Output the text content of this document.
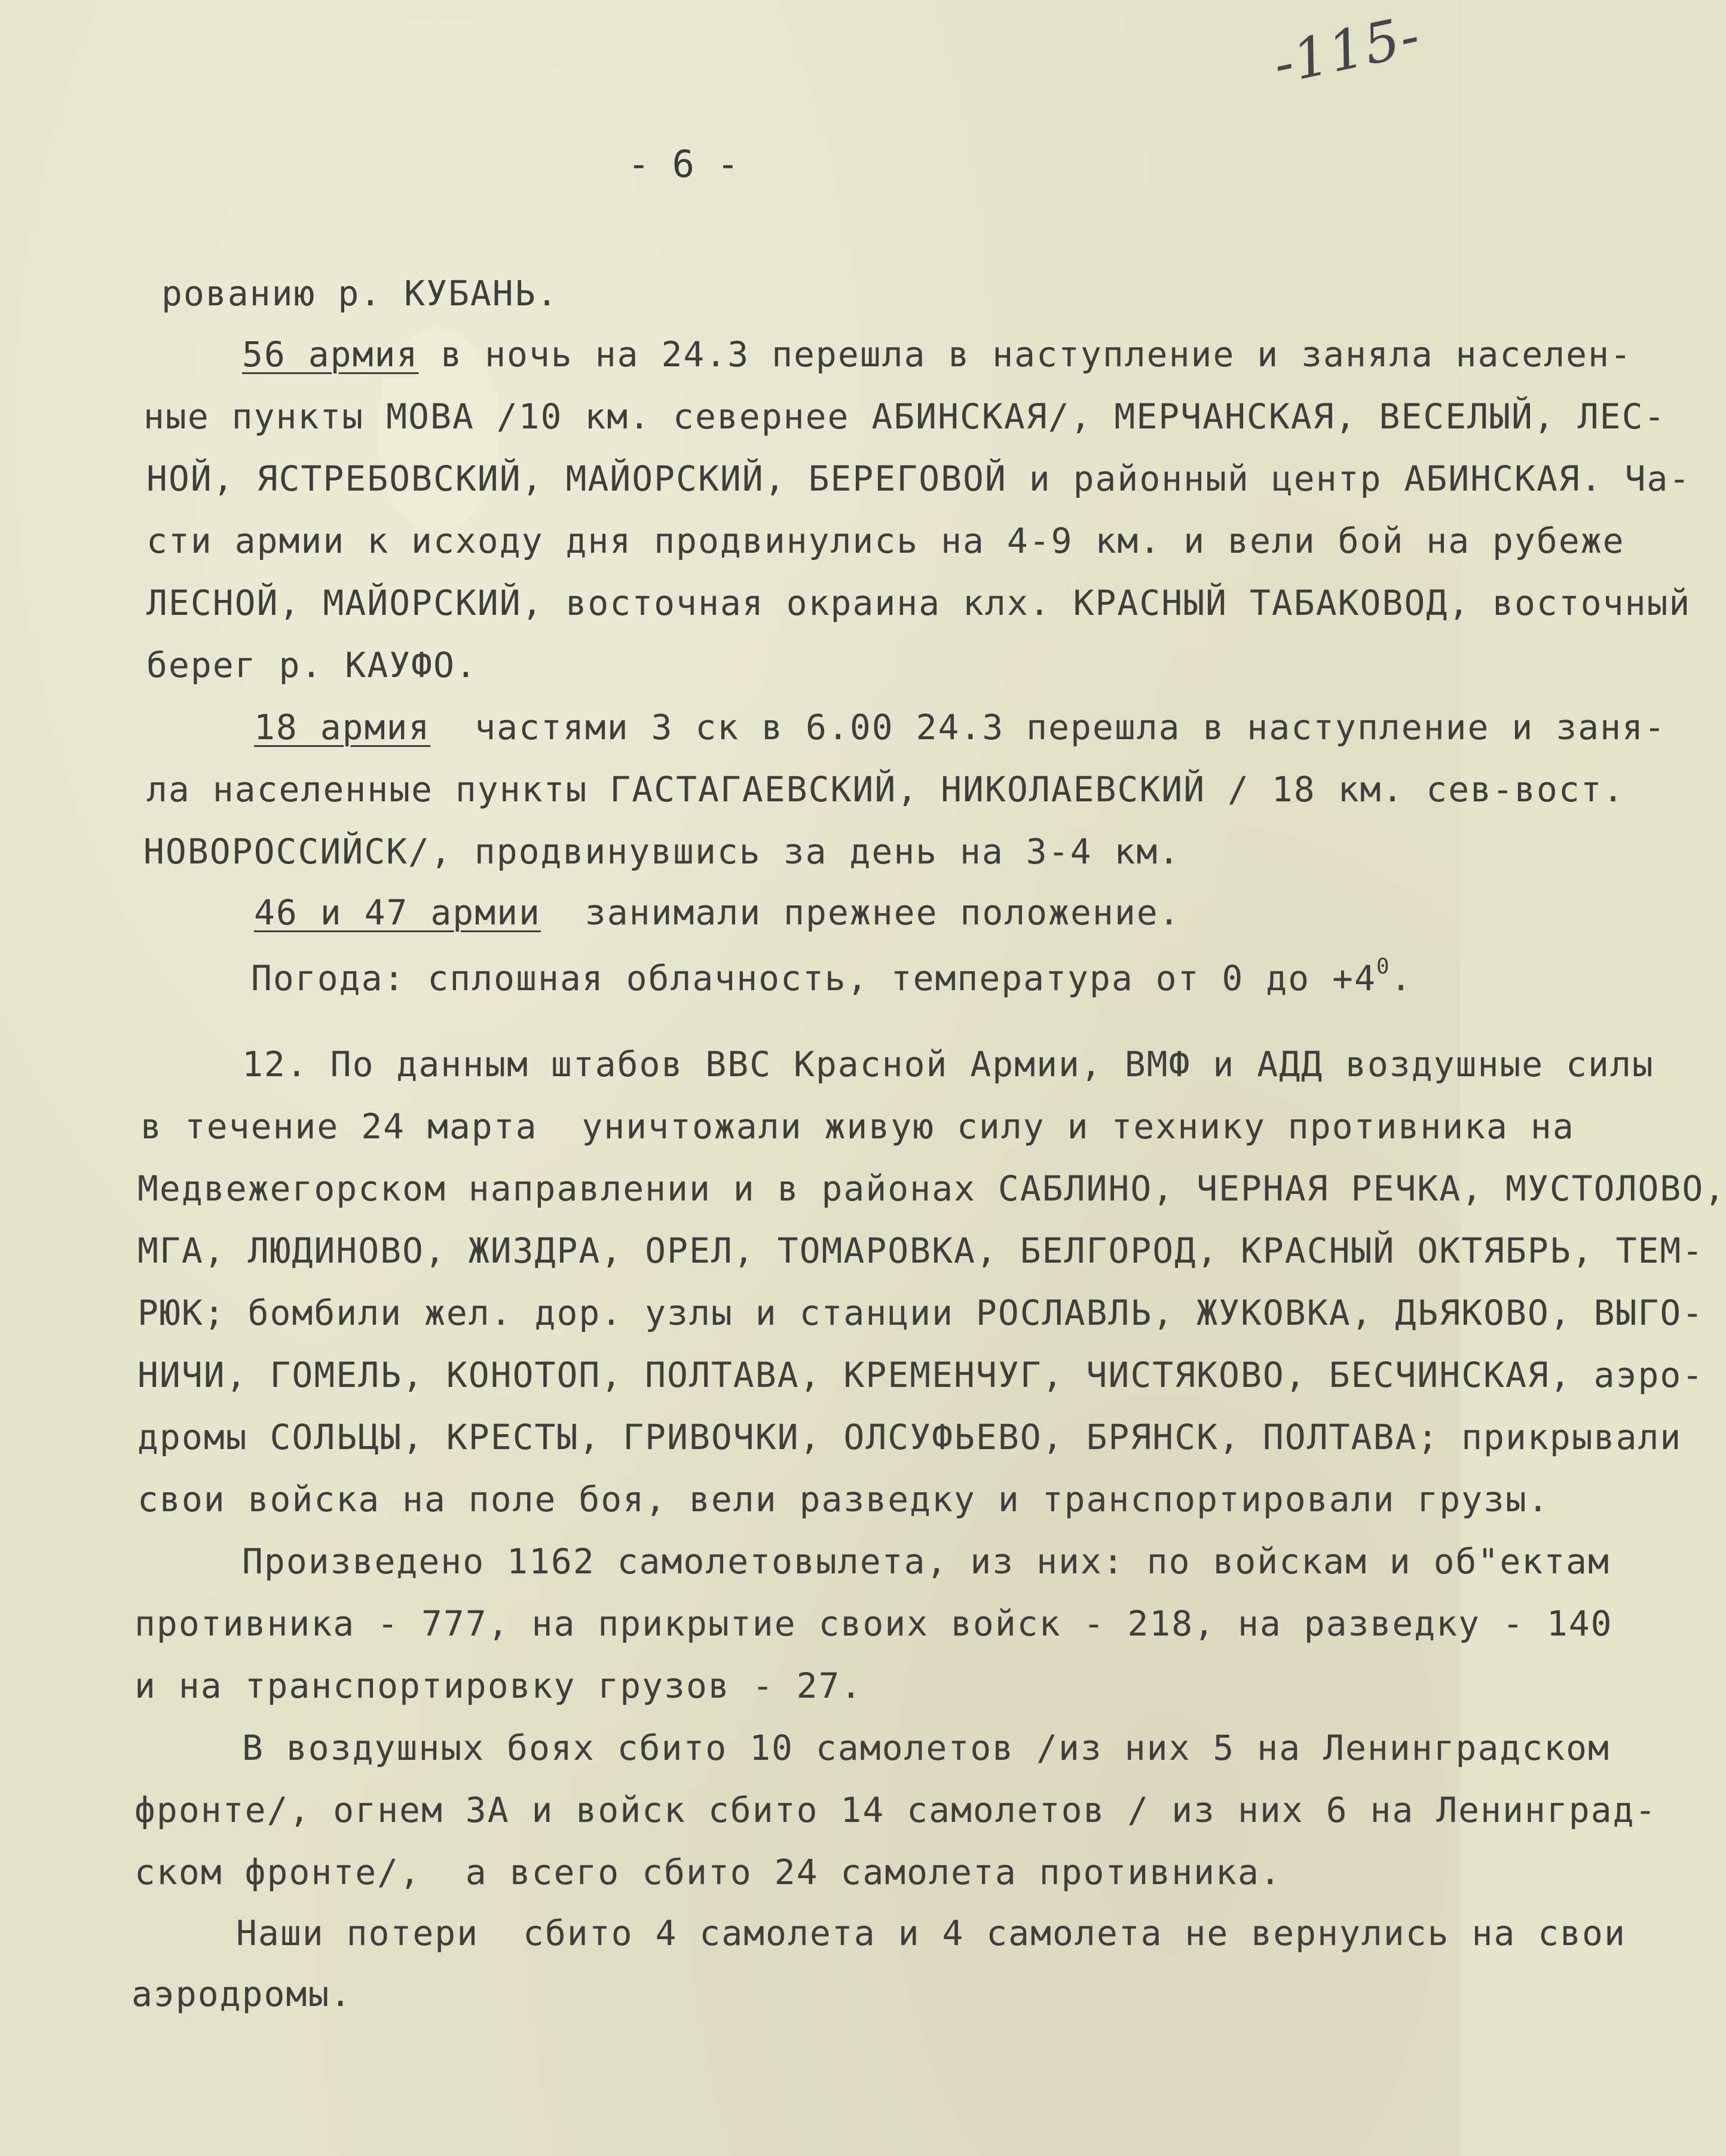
-115-
- 6 -
рованию р. КУБАНЬ.
56 армия в ночь на 24.3 перешла в наступление и заняла населен-
ные пункты МОВА /10 км. севернее АБИНСКАЯ/, МЕРЧАНСКАЯ, ВЕСЕЛЫЙ, ЛЕС-
НОЙ, ЯСТРЕБОВСКИЙ, МАЙОРСКИЙ, БЕРЕГОВОЙ и районный центр АБИНСКАЯ. Ча-
сти армии к исходу дня продвинулись на 4-9 км. и вели бой на рубеже
ЛЕСНОЙ, МАЙОРСКИЙ, восточная окраина клх. КРАСНЫЙ ТАБАКОВОД, восточный
берег р. КАУФО.
18 армия  частями 3 ск в 6.00 24.3 перешла в наступление и заня-
ла населенные пункты ГАСТАГАЕВСКИЙ, НИКОЛАЕВСКИЙ / 18 км. сев-вост.
НОВОРОССИЙСК/, продвинувшись за день на 3-4 км.
46 и 47 армии  занимали прежнее положение.
Погода: сплошная облачность, температура от 0 до $+4^0$.
12. По данным штабов ВВС Красной Армии, ВМФ и АДД воздушные силы
в течение 24 марта  уничтожали живую силу и технику противника на
Медвежегорском направлении и в районах САБЛИНО, ЧЕРНАЯ РЕЧКА, МУСТОЛОВО,
МГА, ЛЮДИНОВО, ЖИЗДРА, ОРЕЛ, ТОМАРОВКА, БЕЛГОРОД, КРАСНЫЙ ОКТЯБРЬ, ТЕМ-
РЮК; бомбили жел. дор. узлы и станции РОСЛАВЛЬ, ЖУКОВКА, ДЬЯКОВО, ВЫГО-
НИЧИ, ГОМЕЛЬ, КОНОТОП, ПОЛТАВА, КРЕМЕНЧУГ, ЧИСТЯКОВО, БЕСЧИНСКАЯ, аэро-
дромы СОЛЬЦЫ, КРЕСТЫ, ГРИВОЧКИ, ОЛСУФЬЕВО, БРЯНСК, ПОЛТАВА; прикрывали
свои войска на поле боя, вели разведку и транспортировали грузы.
Произведено 1162 самолетовылета, из них: по войскам и об"ектам
противника - 777, на прикрытие своих войск - 218, на разведку - 140
и на транспортировку грузов - 27.
В воздушных боях сбито 10 самолетов /из них 5 на Ленинградском
фронте/, огнем ЗА и войск сбито 14 самолетов / из них 6 на Ленинград-
ском фронте/,  а всего сбито 24 самолета противника.
Наши потери  сбито 4 самолета и 4 самолета не вернулись на свои
аэродромы.
